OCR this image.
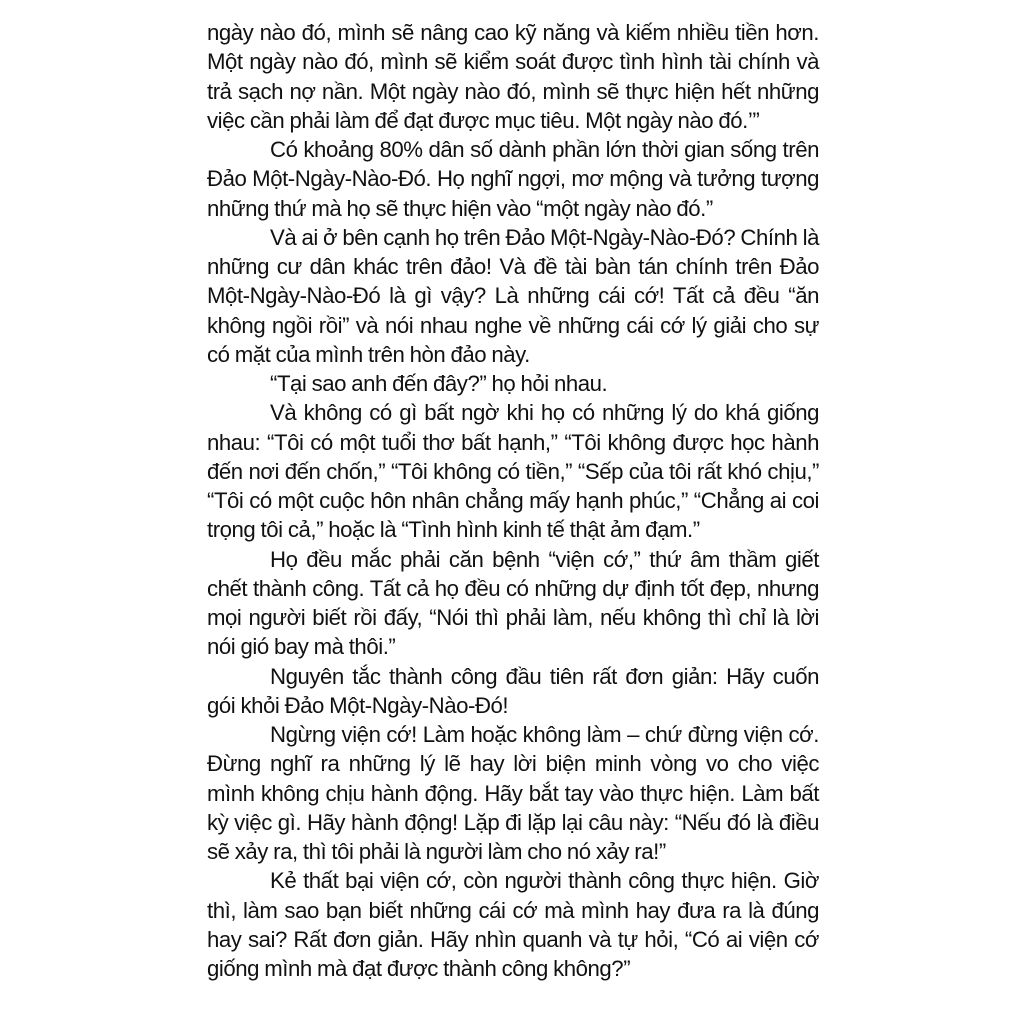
ngày nào đó, mình sẽ nâng cao kỹ năng và kiếm nhiều tiền hơn. Một ngày nào đó, mình sẽ kiểm soát được tình hình tài chính và trả sạch nợ nần. Một ngày nào đó, mình sẽ thực hiện hết những việc cần phải làm để đạt được mục tiêu. Một ngày nào đó.’”

Có khoảng 80% dân số dành phần lớn thời gian sống trên Đảo Một-Ngày-Nào-Đó. Họ nghĩ ngợi, mơ mộng và tưởng tượng những thứ mà họ sẽ thực hiện vào “một ngày nào đó.”

Và ai ở bên cạnh họ trên Đảo Một-Ngày-Nào-Đó? Chính là những cư dân khác trên đảo! Và đề tài bàn tán chính trên Đảo Một-Ngày-Nào-Đó là gì vậy? Là những cái cớ! Tất cả đều “ăn không ngồi rồi” và nói nhau nghe về những cái cớ lý giải cho sự có mặt của mình trên hòn đảo này.

“Tại sao anh đến đây?” họ hỏi nhau.

Và không có gì bất ngờ khi họ có những lý do khá giống nhau: “Tôi có một tuổi thơ bất hạnh,” “Tôi không được học hành đến nơi đến chốn,” “Tôi không có tiền,” “Sếp của tôi rất khó chịu,” “Tôi có một cuộc hôn nhân chẳng mấy hạnh phúc,” “Chẳng ai coi trọng tôi cả,” hoặc là “Tình hình kinh tế thật ảm đạm.”

Họ đều mắc phải căn bệnh “viện cớ,” thứ âm thầm giết chết thành công. Tất cả họ đều có những dự định tốt đẹp, nhưng mọi người biết rồi đấy, “Nói thì phải làm, nếu không thì chỉ là lời nói gió bay mà thôi.”

Nguyên tắc thành công đầu tiên rất đơn giản: Hãy cuốn gói khỏi Đảo Một-Ngày-Nào-Đó!

Ngừng viện cớ! Làm hoặc không làm – chứ đừng viện cớ. Đừng nghĩ ra những lý lẽ hay lời biện minh vòng vo cho việc mình không chịu hành động. Hãy bắt tay vào thực hiện. Làm bất kỳ việc gì. Hãy hành động! Lặp đi lặp lại câu này: “Nếu đó là điều sẽ xảy ra, thì tôi phải là người làm cho nó xảy ra!”

Kẻ thất bại viện cớ, còn người thành công thực hiện. Giờ thì, làm sao bạn biết những cái cớ mà mình hay đưa ra là đúng hay sai? Rất đơn giản. Hãy nhìn quanh và tự hỏi, “Có ai viện cớ giống mình mà đạt được thành công không?”
